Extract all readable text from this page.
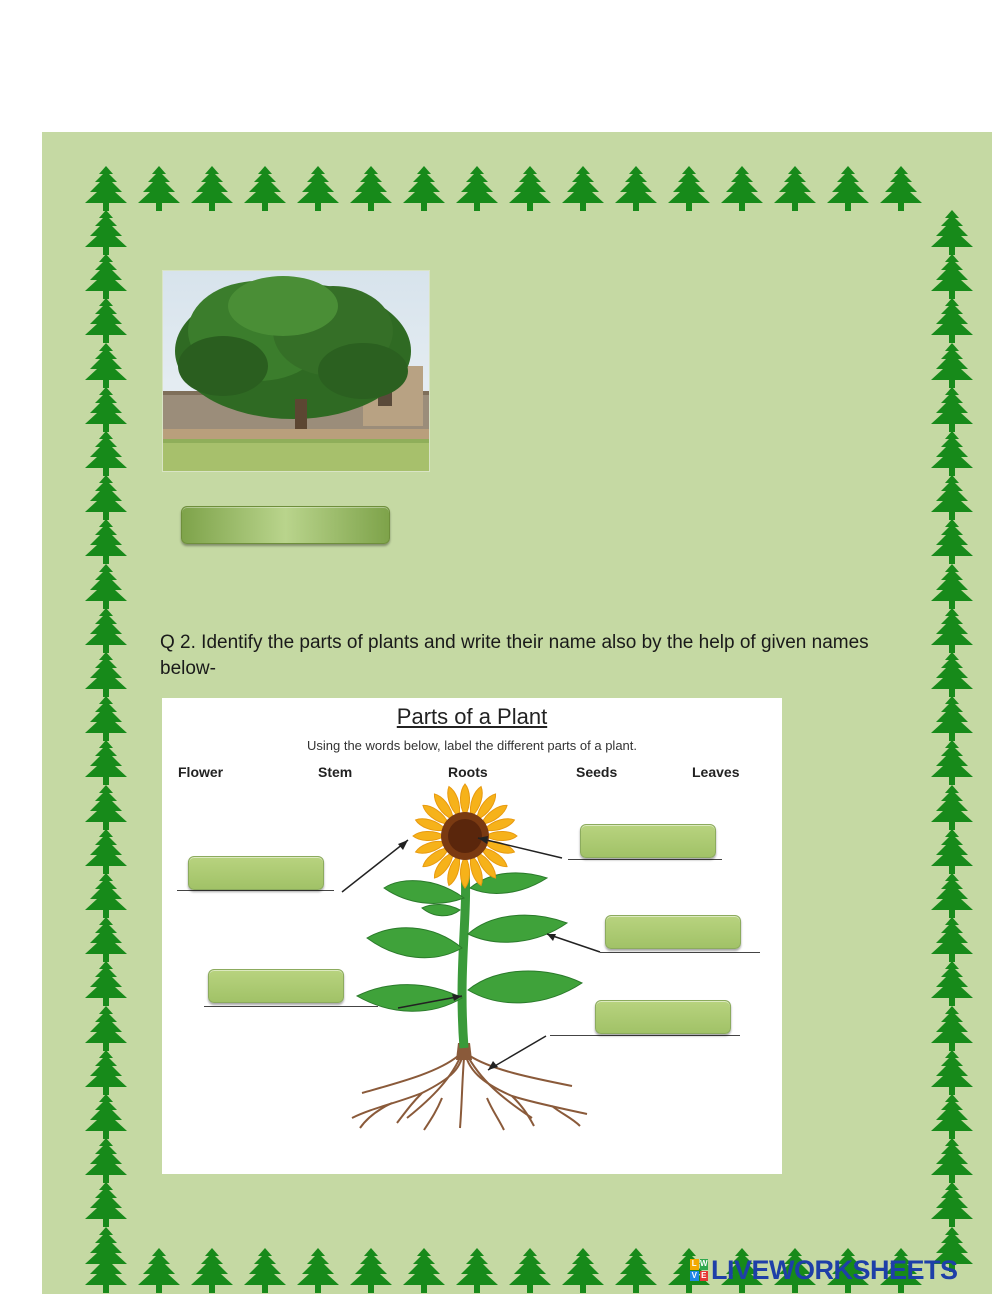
Q 2. Identify the parts of plants and write their name also by the help of given names below-
Parts of a Plant
Using the words below, label the different parts of a plant.
Flower	Stem	Roots	Seeds	Leaves
L W
V E LIVEWORKSHEETS
